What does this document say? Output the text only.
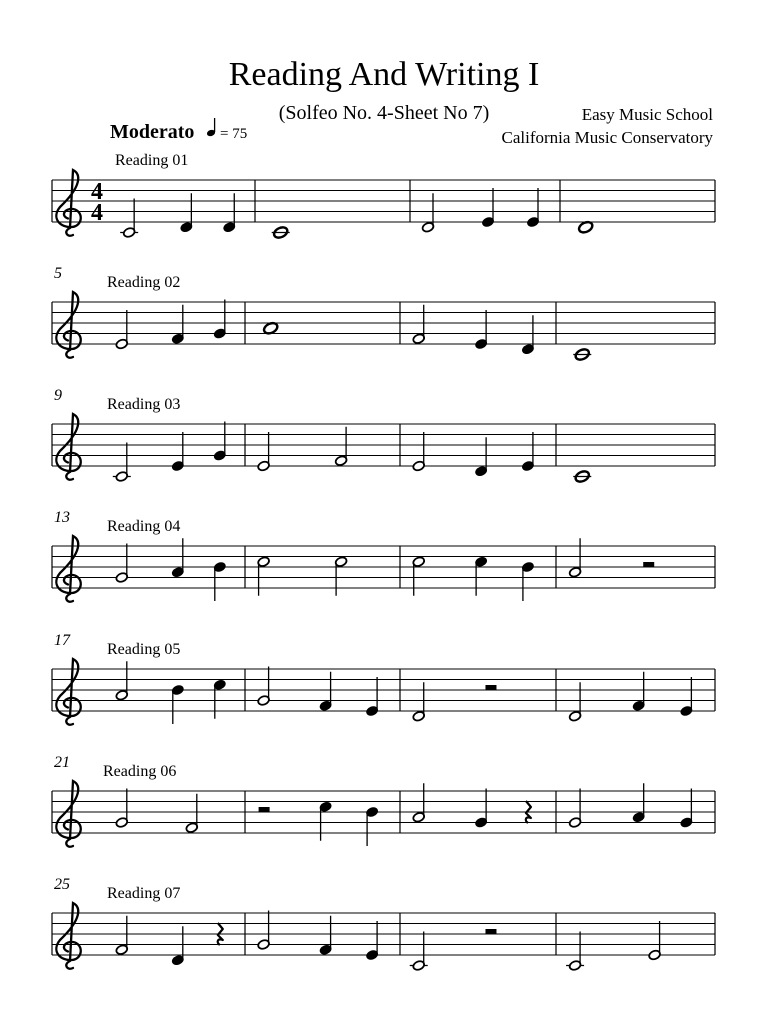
Reading And Writing I
(Solfeo No. 4-Sheet No 7)	Easy Music School
California Music Conservatory
Moderato = 75
Reading 01
4
4
5
Reading 02
9
Reading 03
13
Reading 04
17
Reading 05
21
Reading 06
25
Reading 07
